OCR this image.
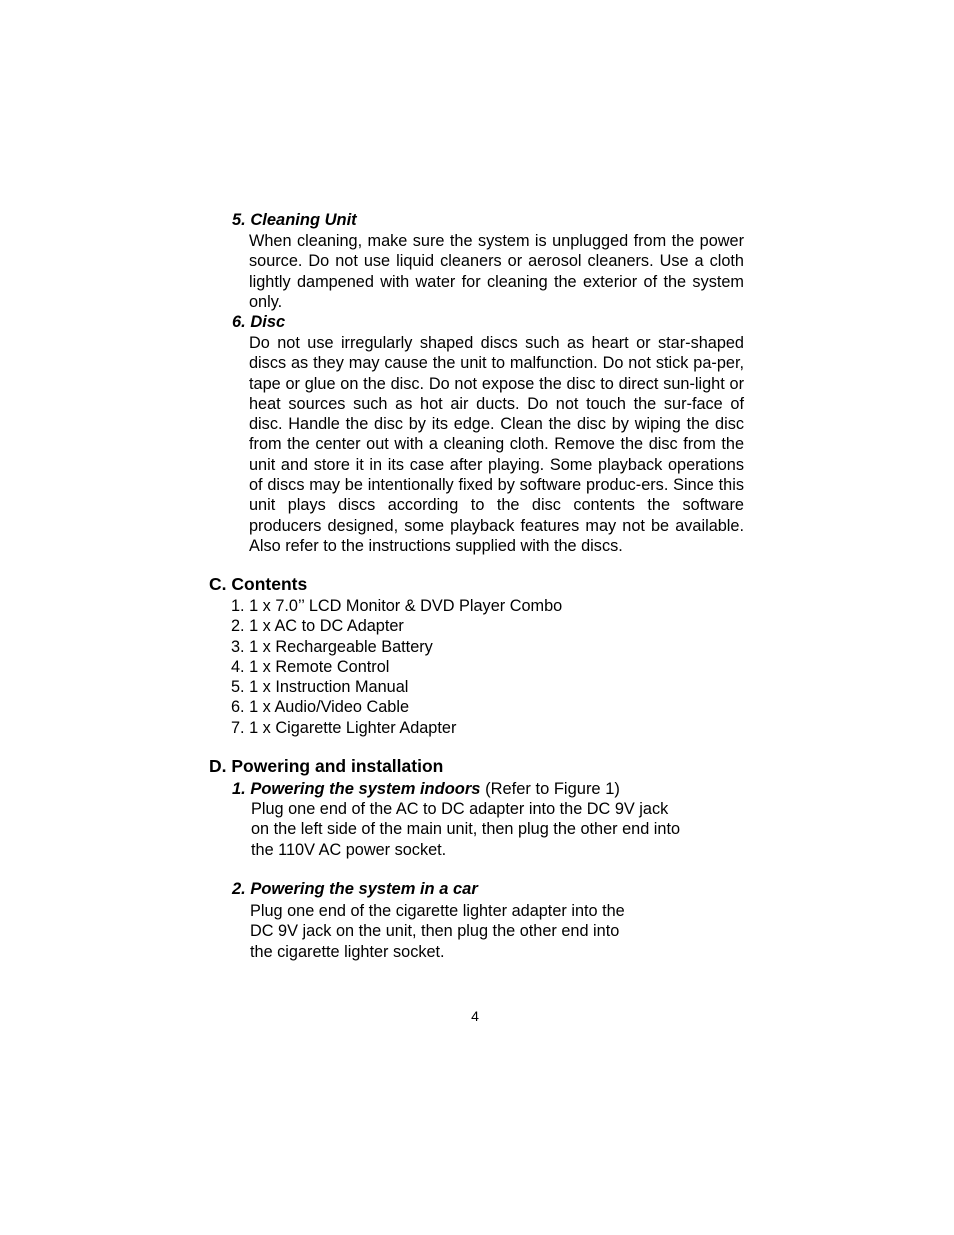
5. Cleaning Unit
When cleaning, make sure the system is unplugged from the power source. Do not use liquid cleaners or aerosol cleaners. Use a cloth lightly dampened with water for cleaning the exterior of the system only.
6. Disc
Do not use irregularly shaped discs such as heart or star-shaped discs as they may cause the unit to malfunction. Do not stick pa-per, tape or glue on the disc. Do not expose the disc to direct sun-light or heat sources such as hot air ducts. Do not touch the sur-face of disc. Handle the disc by its edge. Clean the disc by wiping the disc from the center out with a cleaning cloth. Remove the disc from the unit and store it in its case after playing. Some playback operations of discs may be intentionally fixed by software produc-ers. Since this unit plays discs according to the disc contents the software producers designed, some playback features may not be available. Also refer to the instructions supplied with the discs.
C. Contents
1. 1 x 7.0’’ LCD Monitor & DVD Player Combo
2. 1 x AC to DC Adapter
3. 1 x Rechargeable Battery
4. 1 x Remote Control
5. 1 x Instruction Manual
6. 1 x Audio/Video Cable
7. 1 x Cigarette Lighter Adapter
D. Powering and installation
1. Powering the system indoors (Refer to Figure 1)
Plug one end of the AC to DC adapter into the DC 9V jack
on the left side of the main unit, then plug the other end into
the 110V AC power socket.
2. Powering the system in a car
Plug one end of the cigarette lighter adapter into the
DC 9V jack on the unit, then plug the other end into
the cigarette lighter socket.
4
